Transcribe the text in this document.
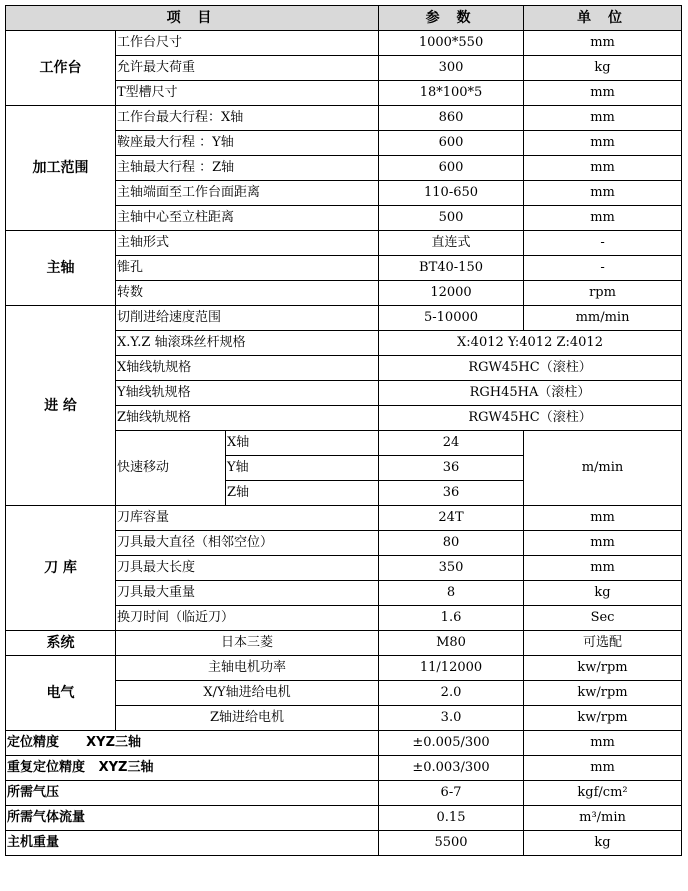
项 目			参 数	单 位
工作台	工作台尺寸		1000*550	mm
	允许最大荷重		300	kg
	T型槽尺寸		18*100*5	mm
加工范围	工作台最大行程：X轴		860	mm
	鞍座最大行程 ：Y轴		600	mm
	主轴最大行程 ：Z轴		600	mm
	主轴端面至工作台面距离		110-650	mm
	主轴中心至立柱距离		500	mm
主轴	主轴形式		直连式	-
	锥孔		BT40-150	-
	转数		12000	rpm
进 给	切削进给速度范围		5-10000	mm/min
	X.Y.Z 轴滚珠丝杆规格		X:4012 Y:4012 Z:4012	
	X轴线轨规格		RGW45HC（滚柱）	
	Y轴线轨规格		RGH45HA（滚柱）	
	Z轴线轨规格		RGW45HC（滚柱）	
	快速移动	X轴	24	m/min
		Y轴	36	
		Z轴	36	
刀 库	刀库容量		24T	mm
	刀具最大直径（相邻空位）		80	mm
	刀具最大长度		350	mm
	刀具最大重量		8	kg
	换刀时间（临近刀）		1.6	Sec
系统	日本三菱		M80	可选配
电气	主轴电机功率		11/12000	kw/rpm
	X/Y轴进给电机		2.0	kw/rpm
	Z轴进给电机		3.0	kw/rpm
定位精度      XYZ三轴			±0.005/300	mm
重复定位精度   XYZ三轴			±0.003/300	mm
所需气压			6-7	kgf/cm²
所需气体流量			0.15	m³/min
主机重量			5500	kg
